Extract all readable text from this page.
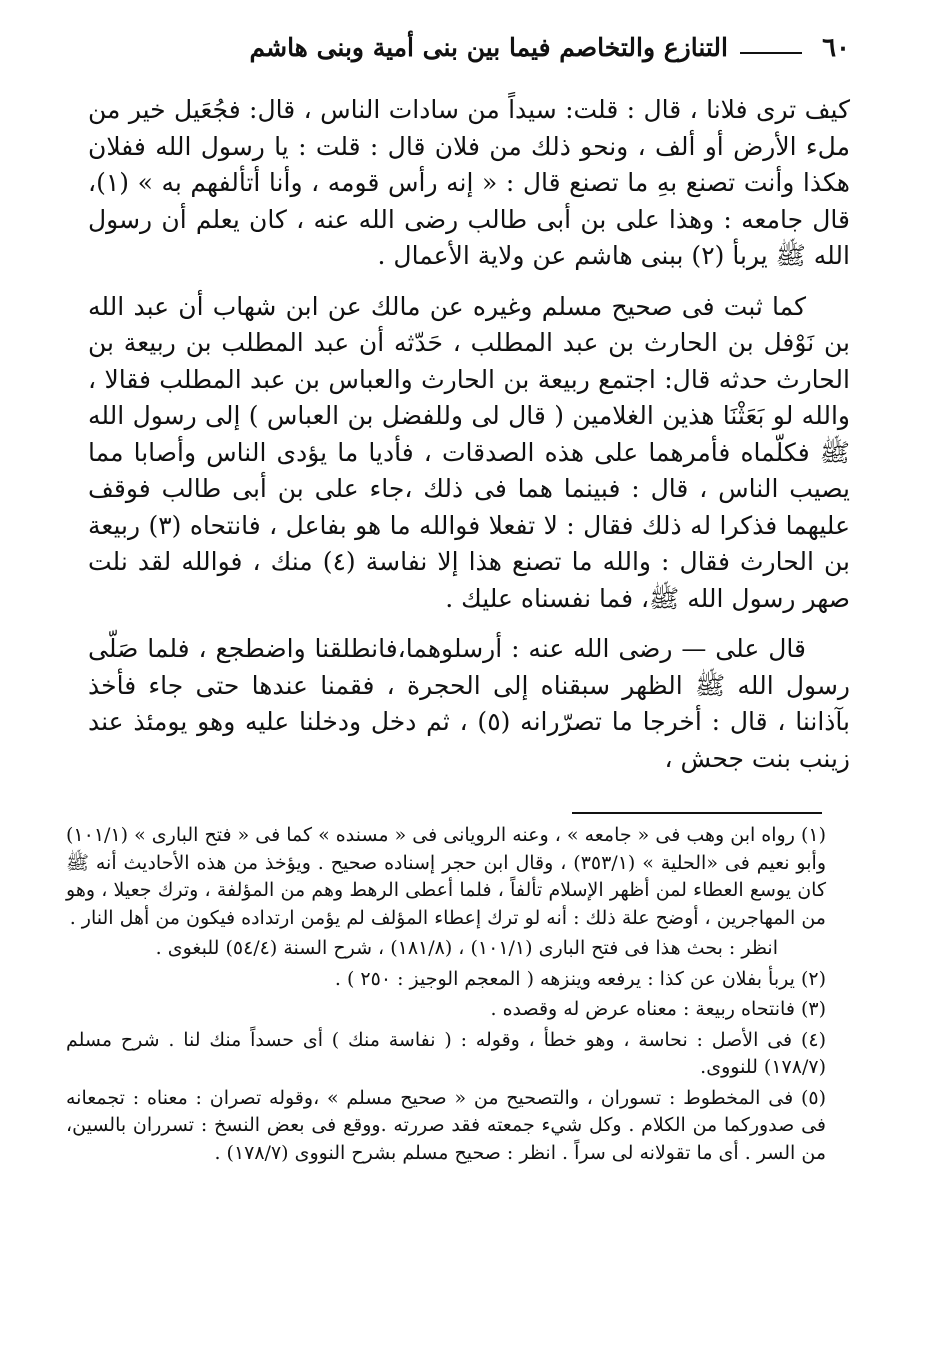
٦٠
التنازع والتخاصم فيما بين بنى أمية وبنى هاشم

كيف ترى فلانا ، قال : قلت: سيداً من سادات الناس ، قال: فجُعَيل خير من ملء الأرض أو ألف ، ونحو ذلك من فلان قال : قلت : يا رسول الله ففلان هكذا وأنت تصنع بهِ ما تصنع قال : « إنه رأس قومه ، وأنا أتألفهم به » (١)، قال جامعه : وهذا على بن أبى طالب رضى الله عنه ، كان يعلم أن رسول الله ﷺ يربأ (٢) ببنى هاشم عن ولاية الأعمال .

كما ثبت فى صحيح مسلم وغيره عن مالك عن ابن شهاب أن عبد الله بن نَوْفل بن الحارث بن عبد المطلب ، حَدّثه أن عبد المطلب بن ربيعة بن الحارث حدثه قال: اجتمع ربيعة بن الحارث والعباس بن عبد المطلب فقالا ، والله لو بَعَثْنَا هذين الغلامين ( قال لى وللفضل بن العباس ) إلى رسول الله ﷺ فكلّماه فأمرهما على هذه الصدقات ، فأديا ما يؤدى الناس وأصابا مما يصيب الناس ، قال : فبينما هما فى ذلك ،جاء على بن أبى طالب فوقف عليهما فذكرا له ذلك فقال : لا تفعلا فوالله ما هو بفاعل ، فانتحاه (٣) ربيعة بن الحارث فقال : والله ما تصنع هذا إلا نفاسة (٤) منك ، فوالله لقد نلت صهر رسول الله ﷺ، فما نفسناه عليك .

قال على — رضى الله عنه : أرسلوهما،فانطلقنا واضطجع ، فلما صَلّى رسول الله ﷺ الظهر سبقناه إلى الحجرة ، فقمنا عندها حتى جاء فأخذ بآذاننا ، قال : أخرجا ما تصرّرانه (٥) ، ثم دخل ودخلنا عليه وهو يومئذ عند زينب بنت جحش ،

(١) رواه ابن وهب فى « جامعه » ، وعنه الرويانى فى « مسنده » كما فى « فتح البارى » (١٠١/١) وأبو نعيم فى «الحلية » (٣٥٣/١) ، وقال ابن حجر إسناده صحيح . ويؤخذ من هذه الأحاديث أنه ﷺ كان يوسع العطاء لمن أظهر الإسلام تألفاً ، فلما أعطى الرهط وهم من المؤلفة ، وترك جعيلا ، وهو من المهاجرين ، أوضح علة ذلك : أنه لو ترك إعطاء المؤلف لم يؤمن ارتداده فيكون من أهل النار .
انظر : بحث هذا فى فتح البارى (١٠١/١) ، (١٨١/٨) ، شرح السنة (٥٤/٤) للبغوى .
(٢) يربأ بفلان عن كذا : يرفعه وينزهه ( المعجم الوجيز : ٢٥٠ ) .
(٣) فانتحاه ربيعة : معناه عرض له وقصده .
(٤) فى الأصل : نحاسة ، وهو خطأ ، وقوله : ( نفاسة منك ) أى حسداً منك لنا . شرح مسلم (١٧٨/٧) للنووى.
(٥) فى المخطوط : تسوران ، والتصحيح من « صحيح مسلم » ،وقوله تصران : معناه : تجمعانه فى صدوركما من الكلام . وكل شيء جمعته فقد صررته .ووقع فى بعض النسخ : تسرران بالسين، من السر . أى ما تقولانه لى سراً . انظر : صحيح مسلم بشرح النووى (١٧٨/٧) .
